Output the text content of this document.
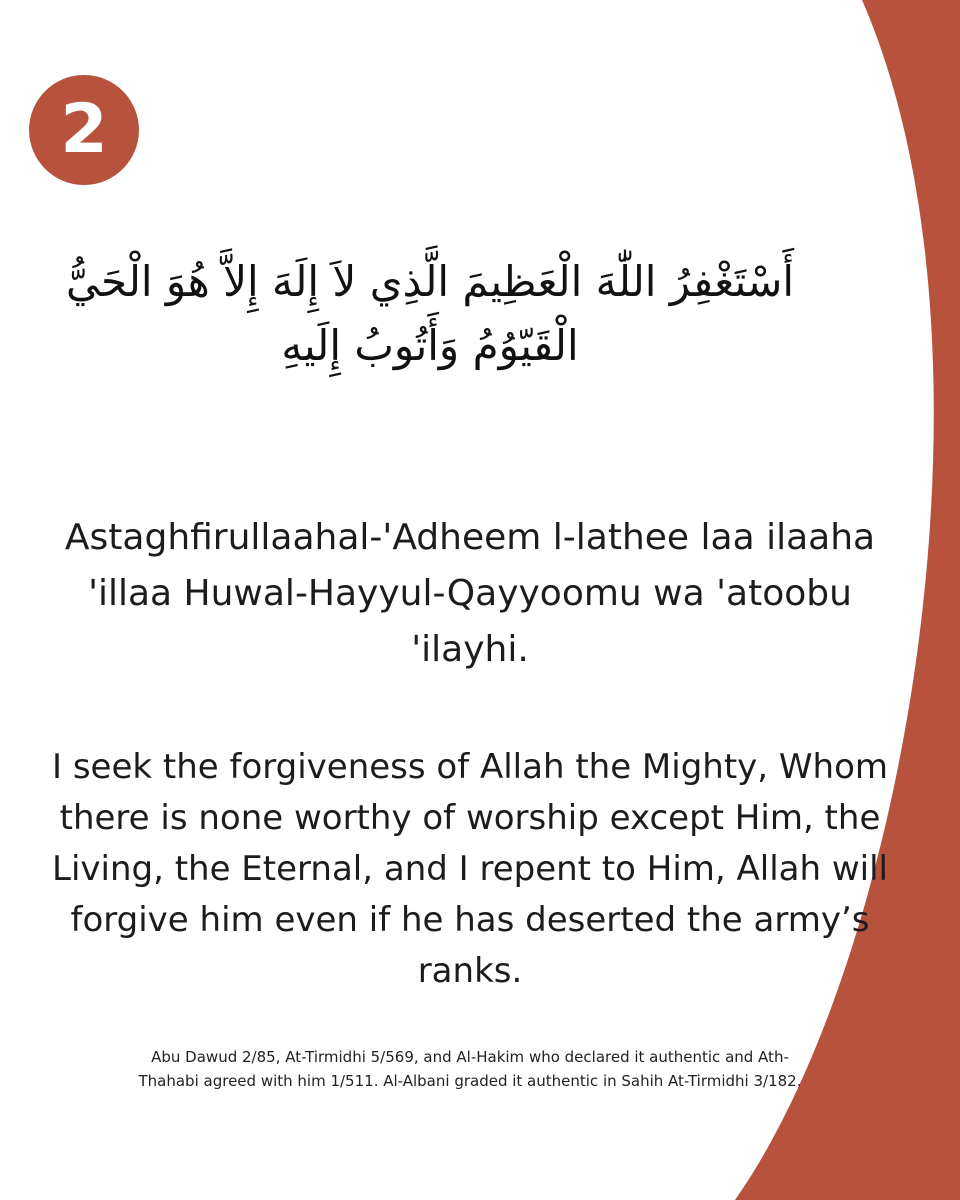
2
أَسْتَغْفِرُ اللّٰهَ الْعَظِيمَ الَّذِي لاَ إِلَهَ إِلاَّ هُوَ الْحَيُّ الْقَيّوُمُ وَأَتُوبُ إِلَيهِ
Astaghfirullaahal-'Adheem l-lathee laa ilaaha 'illaa Huwal-Hayyul-Qayyoomu wa 'atoobu 'ilayhi.
I seek the forgiveness of Allah the Mighty, Whom there is none worthy of worship except Him, the Living, the Eternal, and I repent to Him, Allah will forgive him even if he has deserted the army’s ranks.
Abu Dawud 2/85, At-Tirmidhi 5/569, and Al-Hakim who declared it authentic and Ath-Thahabi agreed with him 1/511. Al-Albani graded it authentic in Sahih At-Tirmidhi 3/182.
